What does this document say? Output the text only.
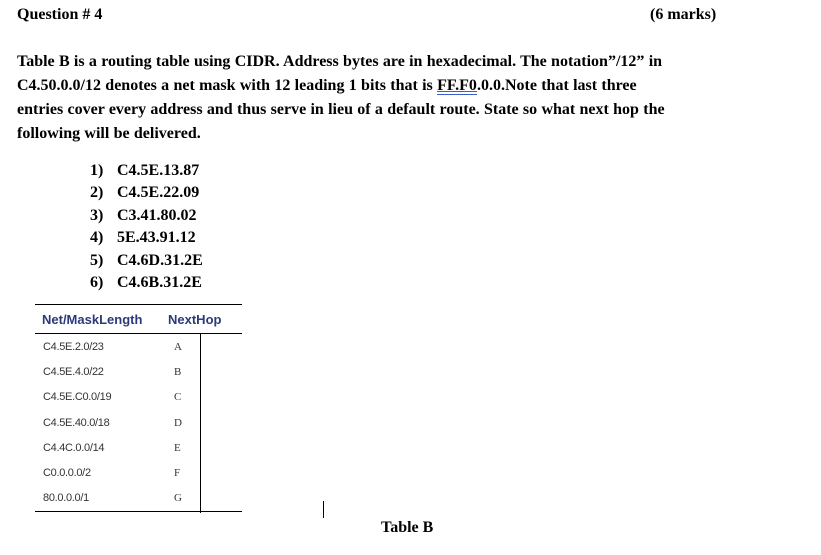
Question # 4	(6 marks)
Table B is a routing table using CIDR. Address bytes are in hexadecimal. The notation”/12” in
C4.50.0.0/12 denotes a net mask with 12 leading 1 bits that is FF.F0.0.0.Note that last three
entries cover every address and thus serve in lieu of a default route. State so what next hop the
following will be delivered.
1) C4.5E.13.87
2) C4.5E.22.09
3) C3.41.80.02
4) 5E.43.91.12
5) C4.6D.31.2E
6) C4.6B.31.2E
Net/MaskLength	NextHop
C4.5E.2.0/23	A
C4.5E.4.0/22	B
C4.5E.C0.0/19	C
C4.5E.40.0/18	D
C4.4C.0.0/14	E
C0.0.0.0/2	F
80.0.0.0/1	G
Table B
